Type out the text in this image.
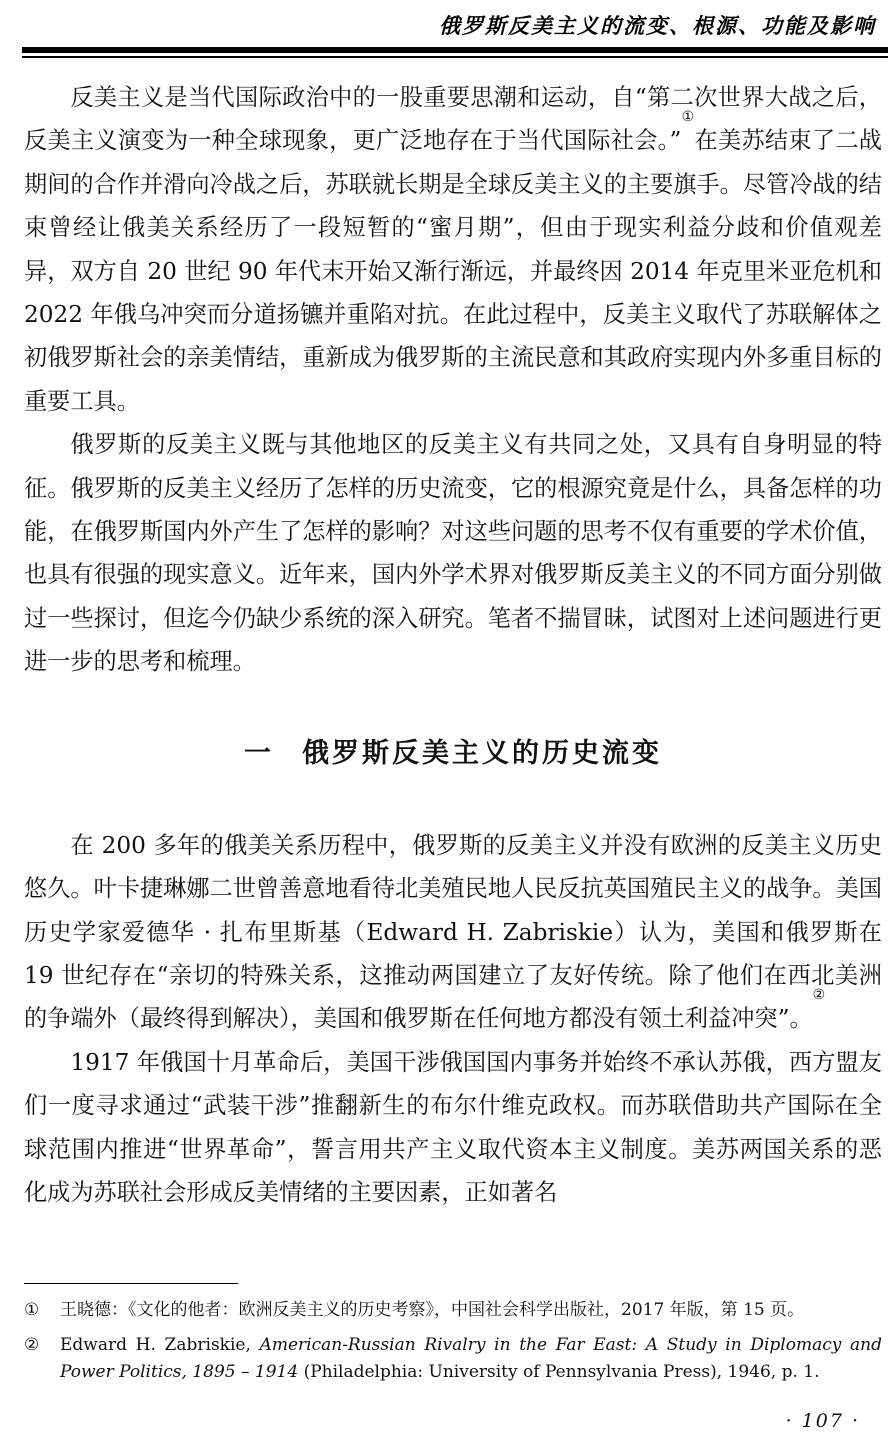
俄罗斯反美主义的流变、根源、功能及影响

反美主义是当代国际政治中的一股重要思潮和运动，自“第二次世界大战之后，反美主义演变为一种全球现象，更广泛地存在于当代国际社会。”①在美苏结束了二战期间的合作并滑向冷战之后，苏联就长期是全球反美主义的主要旗手。尽管冷战的结束曾经让俄美关系经历了一段短暂的“蜜月期”，但由于现实利益分歧和价值观差异，双方自 20 世纪 90 年代末开始又渐行渐远，并最终因 2014 年克里米亚危机和 2022 年俄乌冲突而分道扬镳并重陷对抗。在此过程中，反美主义取代了苏联解体之初俄罗斯社会的亲美情结，重新成为俄罗斯的主流民意和其政府实现内外多重目标的重要工具。

俄罗斯的反美主义既与其他地区的反美主义有共同之处，又具有自身明显的特征。俄罗斯的反美主义经历了怎样的历史流变，它的根源究竟是什么，具备怎样的功能，在俄罗斯国内外产生了怎样的影响？对这些问题的思考不仅有重要的学术价值，也具有很强的现实意义。近年来，国内外学术界对俄罗斯反美主义的不同方面分别做过一些探讨，但迄今仍缺少系统的深入研究。笔者不揣冒昧，试图对上述问题进行更进一步的思考和梳理。

一 俄罗斯反美主义的历史流变

在 200 多年的俄美关系历程中，俄罗斯的反美主义并没有欧洲的反美主义历史悠久。叶卡捷琳娜二世曾善意地看待北美殖民地人民反抗英国殖民主义的战争。美国历史学家爱德华 · 扎布里斯基（Edward H. Zabriskie）认为，美国和俄罗斯在 19 世纪存在“亲切的特殊关系，这推动两国建立了友好传统。除了他们在西北美洲的争端外（最终得到解决），美国和俄罗斯在任何地方都没有领土利益冲突”。②

1917 年俄国十月革命后，美国干涉俄国国内事务并始终不承认苏俄，西方盟友们一度寻求通过“武装干涉”推翻新生的布尔什维克政权。而苏联借助共产国际在全球范围内推进“世界革命”，誓言用共产主义取代资本主义制度。美苏两国关系的恶化成为苏联社会形成反美情绪的主要因素，正如著名

①	王晓德：《文化的他者：欧洲反美主义的历史考察》，中国社会科学出版社，2017 年版，第 15 页。
②	Edward H. Zabriskie, American-Russian Rivalry in the Far East: A Study in Diplomacy and Power Politics, 1895 – 1914 (Philadelphia: University of Pennsylvania Press), 1946, p. 1.
· 107 ·
